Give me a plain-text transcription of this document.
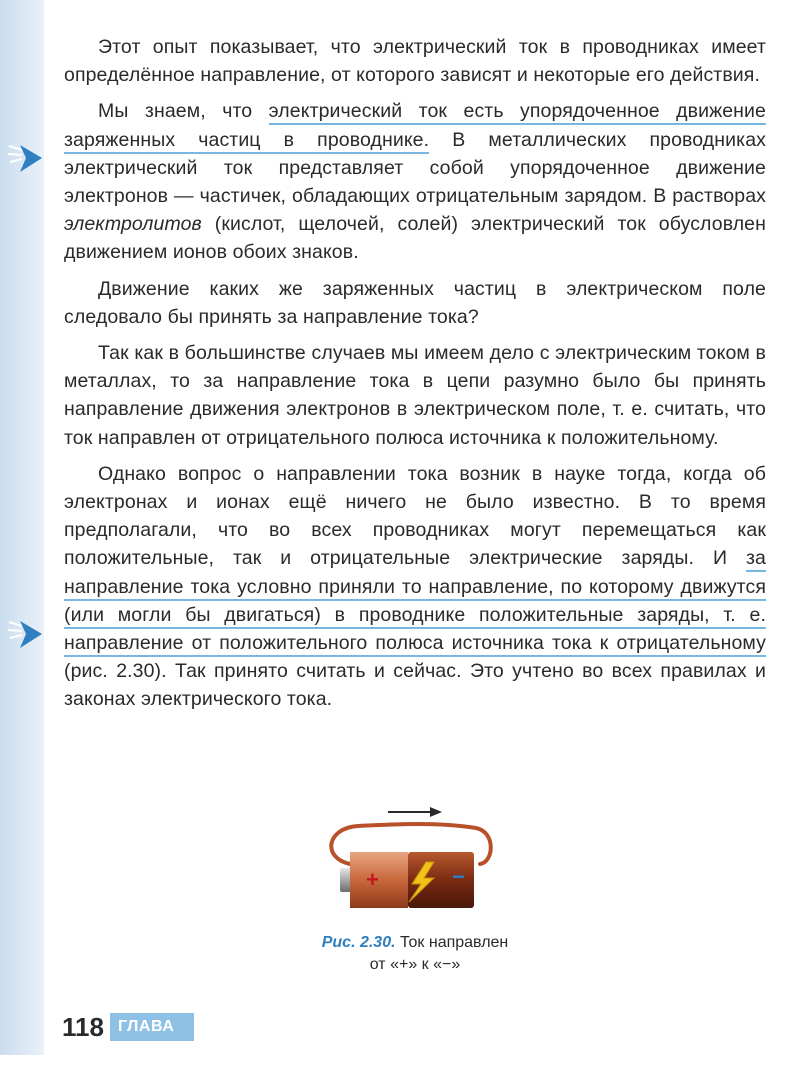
Этот опыт показывает, что электрический ток в проводниках имеет определённое направление, от которого зависят и некоторые его действия.

Мы знаем, что электрический ток есть упорядоченное движение заряженных частиц в проводнике. В металлических проводниках электрический ток представляет собой упорядоченное движение электронов — частичек, обладающих отрицательным зарядом. В растворах электролитов (кислот, щелочей, солей) электрический ток обусловлен движением ионов обоих знаков.

Движение каких же заряженных частиц в электрическом поле следовало бы принять за направление тока?

Так как в большинстве случаев мы имеем дело с электрическим током в металлах, то за направление тока в цепи разумно было бы принять направление движения электронов в электрическом поле, т. е. считать, что ток направлен от отрицательного полюса источника к положительному.

Однако вопрос о направлении тока возник в науке тогда, когда об электронах и ионах ещё ничего не было известно. В то время предполагали, что во всех проводниках могут перемещаться как положительные, так и отрицательные электрические заряды. И за направление тока условно приняли то направление, по которому движутся (или могли бы двигаться) в проводнике положительные заряды, т. е. направление от положительного полюса источника тока к отрицательному (рис. 2.30). Так принято считать и сейчас. Это учтено во всех правилах и законах электрического тока.

+	−
Рис. 2.30. Ток направлен
от «+» к «−»
118 ГЛАВА 2
